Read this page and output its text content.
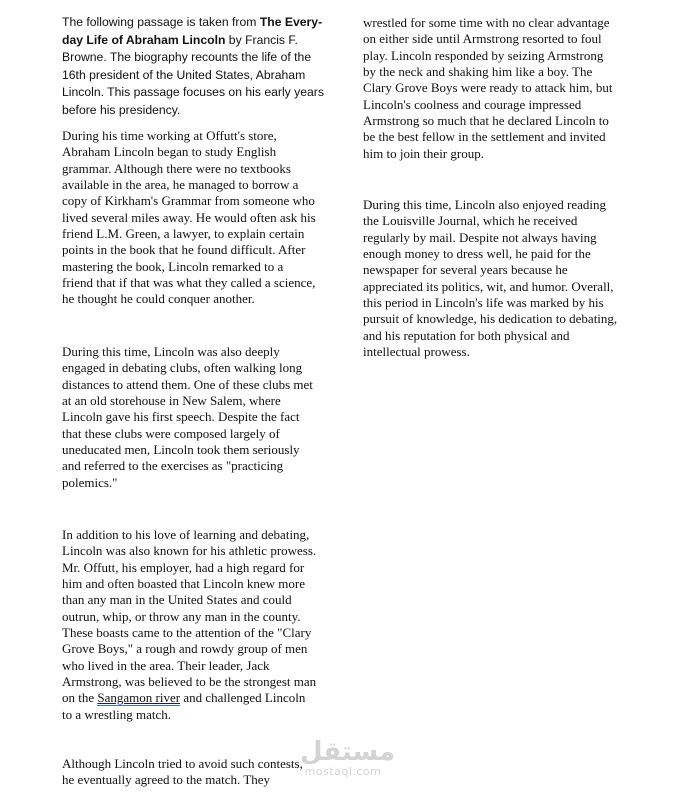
The following passage is taken from The Every-
day Life of Abraham Lincoln by Francis F.
Browne. The biography recounts the life of the
16th president of the United States, Abraham
Lincoln. This passage focuses on his early years
before his presidency.
During his time working at Offutt's store,
Abraham Lincoln began to study English
grammar. Although there were no textbooks
available in the area, he managed to borrow a
copy of Kirkham's Grammar from someone who
lived several miles away. He would often ask his
friend L.M. Green, a lawyer, to explain certain
points in the book that he found difficult. After
mastering the book, Lincoln remarked to a
friend that if that was what they called a science,
he thought he could conquer another.
During this time, Lincoln was also deeply
engaged in debating clubs, often walking long
distances to attend them. One of these clubs met
at an old storehouse in New Salem, where
Lincoln gave his first speech. Despite the fact
that these clubs were composed largely of
uneducated men, Lincoln took them seriously
and referred to the exercises as "practicing
polemics."
In addition to his love of learning and debating,
Lincoln was also known for his athletic prowess.
Mr. Offutt, his employer, had a high regard for
him and often boasted that Lincoln knew more
than any man in the United States and could
outrun, whip, or throw any man in the county.
These boasts came to the attention of the "Clary
Grove Boys," a rough and rowdy group of men
who lived in the area. Their leader, Jack
Armstrong, was believed to be the strongest man
on the Sangamon river and challenged Lincoln
to a wrestling match.
Although Lincoln tried to avoid such contests,
he eventually agreed to the match. They
wrestled for some time with no clear advantage
on either side until Armstrong resorted to foul
play. Lincoln responded by seizing Armstrong
by the neck and shaking him like a boy. The
Clary Grove Boys were ready to attack him, but
Lincoln's coolness and courage impressed
Armstrong so much that he declared Lincoln to
be the best fellow in the settlement and invited
him to join their group.
During this time, Lincoln also enjoyed reading
the Louisville Journal, which he received
regularly by mail. Despite not always having
enough money to dress well, he paid for the
newspaper for several years because he
appreciated its politics, wit, and humor. Overall,
this period in Lincoln's life was marked by his
pursuit of knowledge, his dedication to debating,
and his reputation for both physical and
intellectual prowess.
مستقل
mostaql.com
